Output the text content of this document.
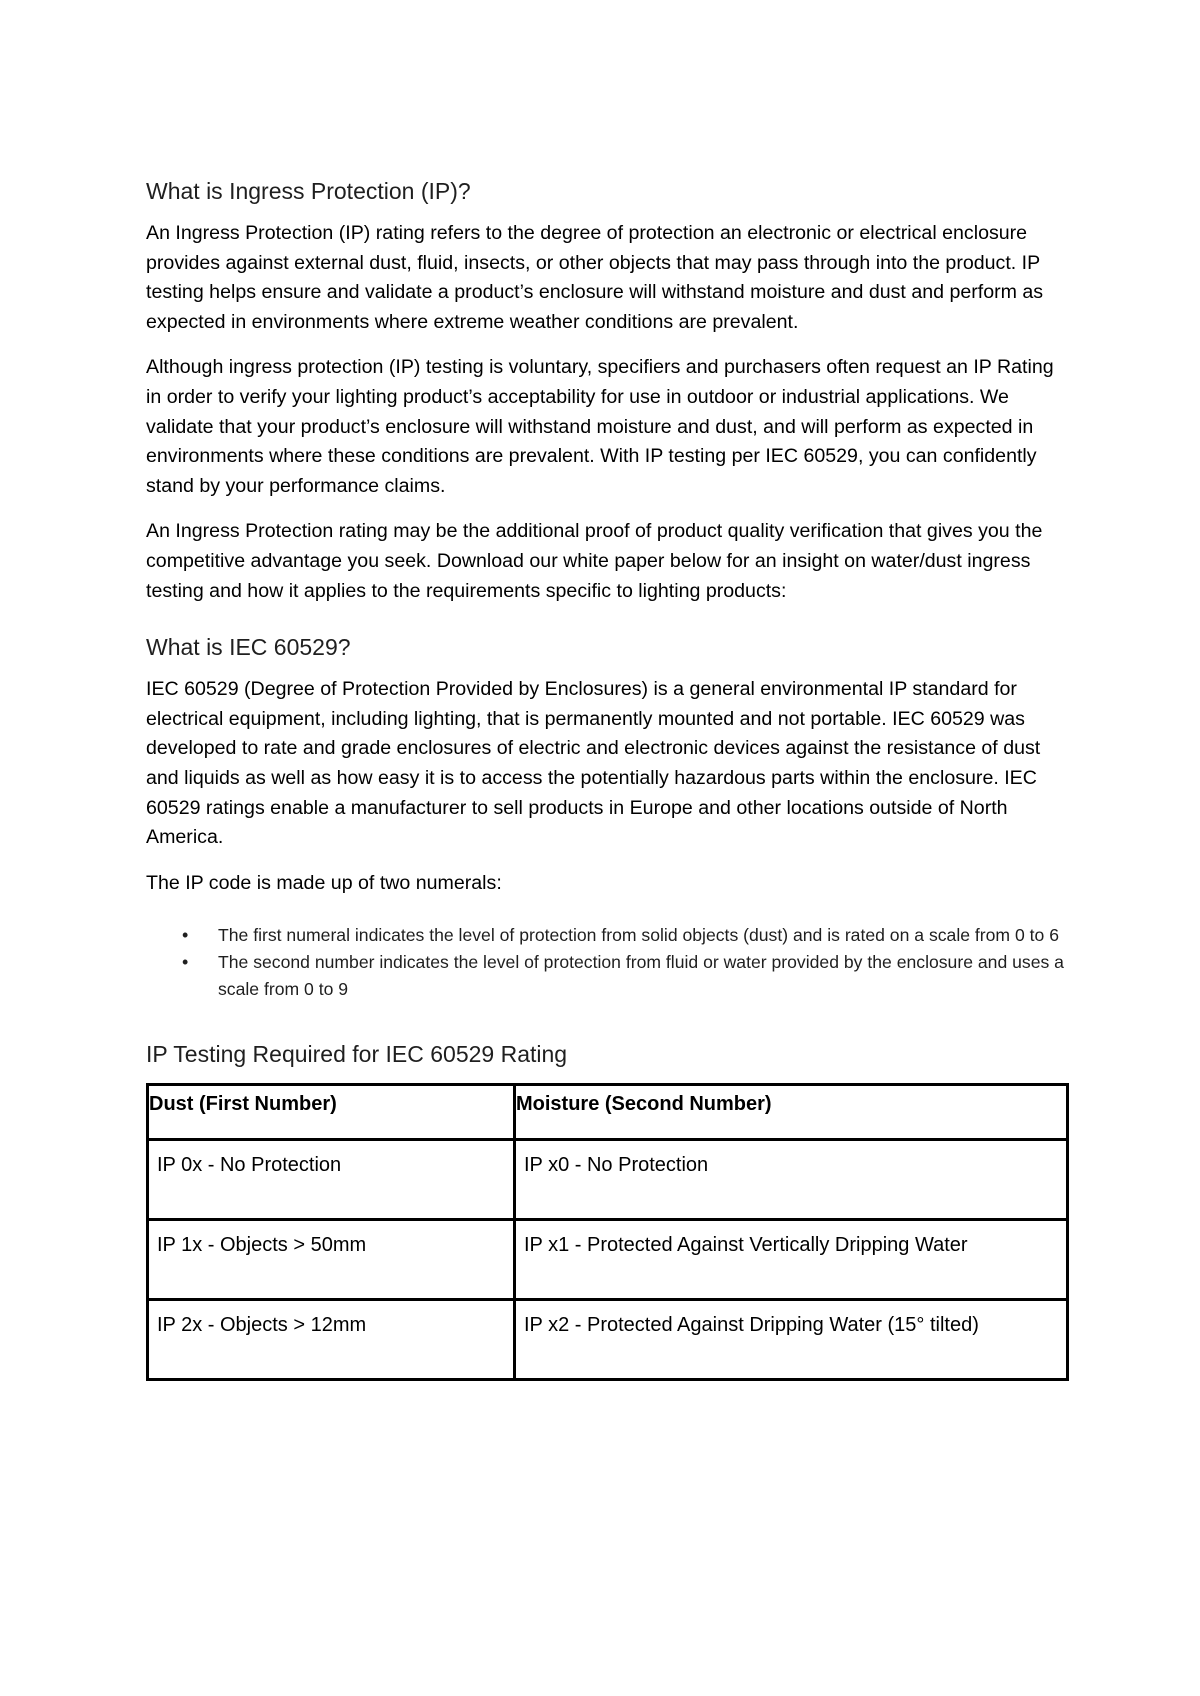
What is Ingress Protection (IP)?

An Ingress Protection (IP) rating refers to the degree of protection an electronic or electrical enclosure provides against external dust, fluid, insects, or other objects that may pass through into the product. IP testing helps ensure and validate a product’s enclosure will withstand moisture and dust and perform as expected in environments where extreme weather conditions are prevalent.

Although ingress protection (IP) testing is voluntary, specifiers and purchasers often request an IP Rating in order to verify your lighting product’s acceptability for use in outdoor or industrial applications. We validate that your product’s enclosure will withstand moisture and dust, and will perform as expected in environments where these conditions are prevalent. With IP testing per IEC 60529, you can confidently stand by your performance claims.

An Ingress Protection rating may be the additional proof of product quality verification that gives you the competitive advantage you seek. Download our white paper below for an insight on water/dust ingress testing and how it applies to the requirements specific to lighting products:

What is IEC 60529?

IEC 60529 (Degree of Protection Provided by Enclosures) is a general environmental IP standard for electrical equipment, including lighting, that is permanently mounted and not portable. IEC 60529 was developed to rate and grade enclosures of electric and electronic devices against the resistance of dust and liquids as well as how easy it is to access the potentially hazardous parts within the enclosure. IEC 60529 ratings enable a manufacturer to sell products in Europe and other locations outside of North America.

The IP code is made up of two numerals:

• The first numeral indicates the level of protection from solid objects (dust) and is rated on a scale from 0 to 6
• The second number indicates the level of protection from fluid or water provided by the enclosure and uses a scale from 0 to 9
IP Testing Required for IEC 60529 Rating
Dust (First Number)	Moisture (Second Number)
IP 0x - No Protection	IP x0 - No Protection
IP 1x - Objects > 50mm	IP x1 - Protected Against Vertically Dripping Water
IP 2x - Objects > 12mm	IP x2 - Protected Against Dripping Water (15° tilted)
